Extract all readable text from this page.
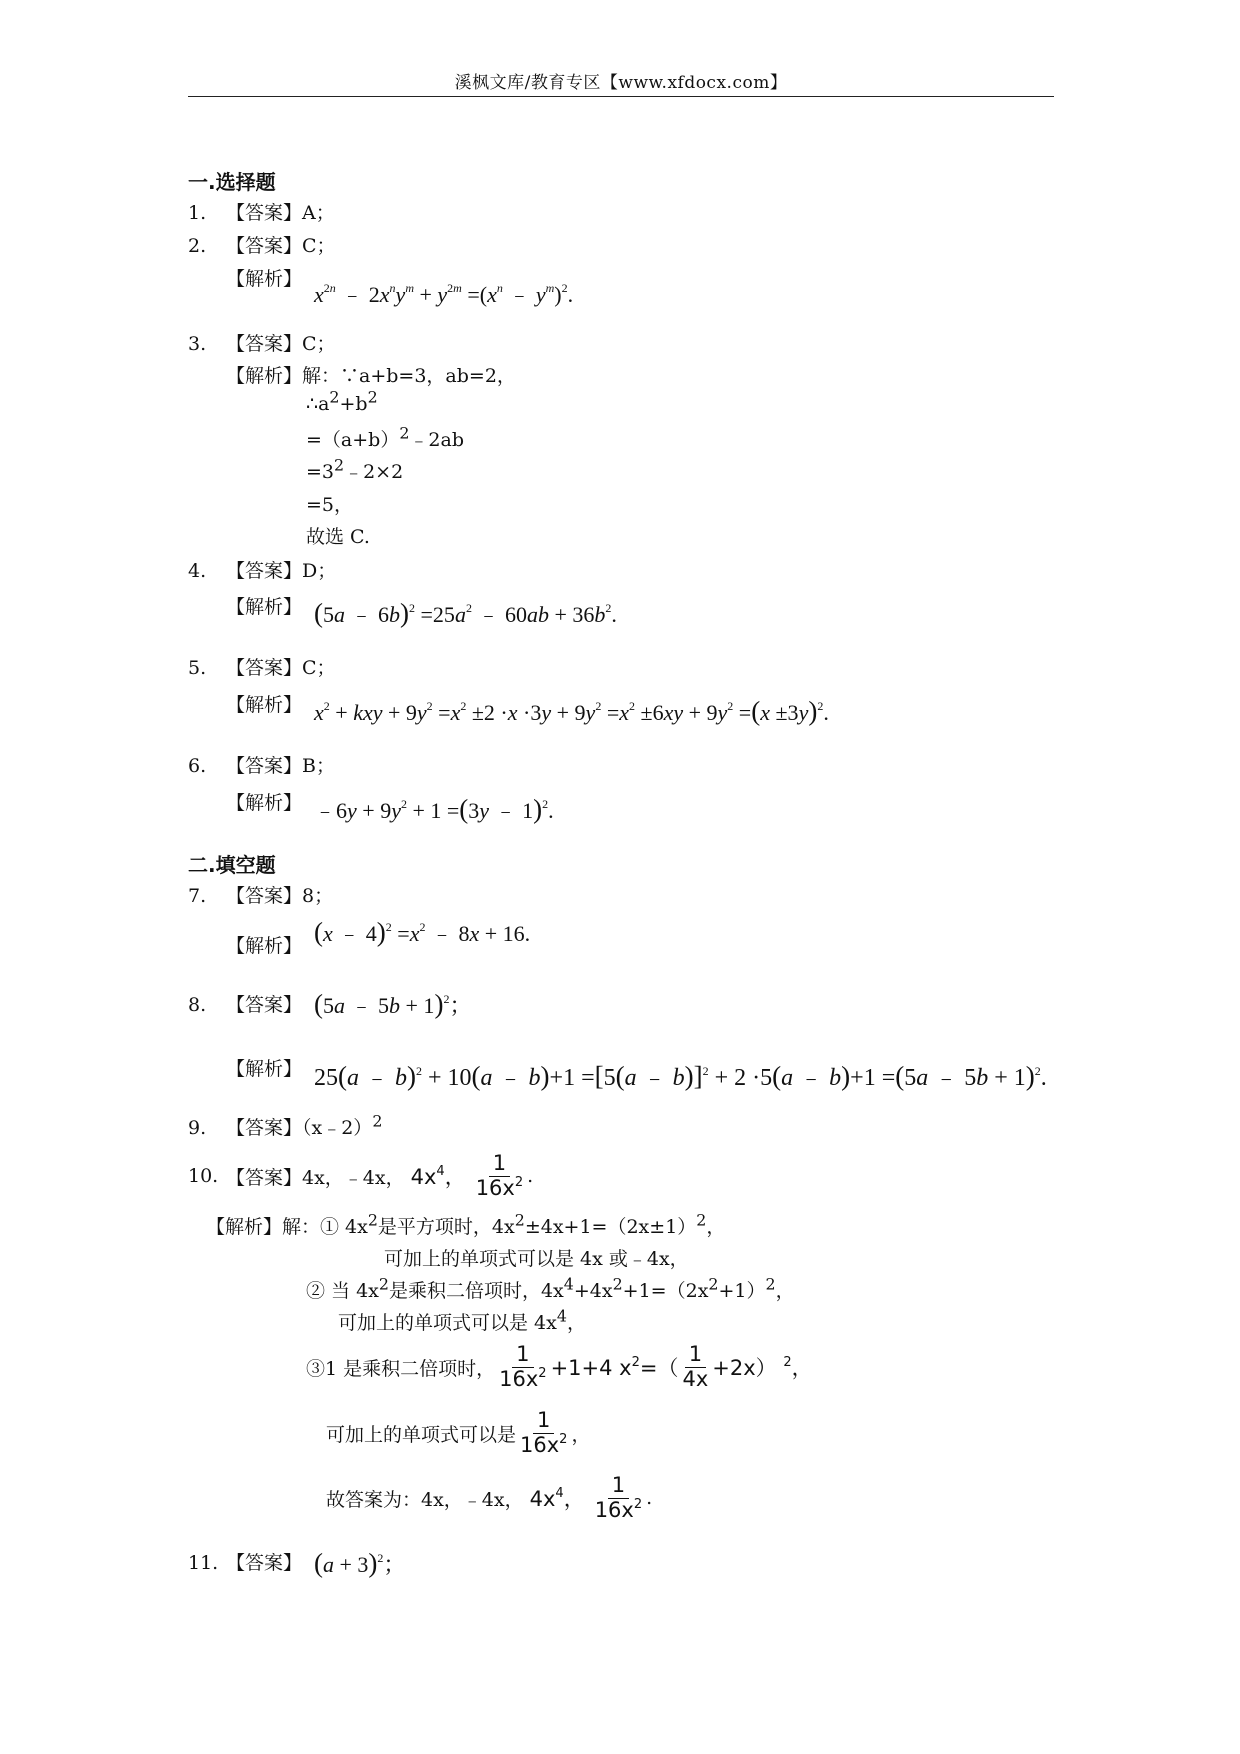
溪枫文库/教育专区【www.xfdocx.com】
一.选择题
1. 【答案】A；
2. 【答案】C；
【解析】
$x^{2n}$ ﹣ $2x^ny^m + y^{2m} =(x^n$ ﹣ $y^m)^2$.
3. 【答案】C；
【解析】解：∵a+b=3，ab=2，
$\therefore a^2+b^2$
$=(a+b)^2﹣2ab$
$=3^2﹣2\times 2$
=5，
故选 C.
4. 【答案】D；
【解析】 (5a ﹣ $6b)^2 =25a^2$ ﹣ $60ab + 36b^2$.
5. 【答案】C；
【解析】 $x^2$ + kxy + $9y^2 =x^2 \pm 2 \cdot x \cdot 3y + 9y^2 =x^2 \pm 6xy + 9y^2 =(x \pm 3y)^2$.
6. 【答案】B；
【解析】 ﹣6y + $9y^2 + 1 =(3y$ ﹣ 1)$^2$.
二.填空题
7. 【答案】8；
【解析】 (x ﹣ $4)^2 =x^2$ ﹣ 8x + 16.
8. 【答案】 (5a ﹣ 5b + 1)$^2$；
【解析】 25(a ﹣ b)$^2$ + 10(a ﹣ b)+1 =[5(a ﹣ b)]$^2$ + 2 ·5(a ﹣ b)+1 =(5a ﹣ 5b + 1)$^2$.
9. 【答案】（x﹣2）$^2$
10. 【答案】4x，﹣4x， $4x^4$， $\frac{1}{16x^2}$ .
【解析】解：① $4x^2$是平方项时，$4x^2\pm 4x+1=(2x\pm 1)^2$，
可加上的单项式可以是 4x 或﹣4x，
② 当 $4x^2$是乘积二倍项时，$4x^4+4x^2+1=(2x^2+1)^2$，
可加上的单项式可以是 $4x^4$，
③1 是乘积二倍项时， $\frac{1}{16x^2} +1+4$ $x^2=( \frac{1}{4x} +2x)$ $^2$，
可加上的单项式可以是 $\frac{1}{16x^2}$ ，
故答案为：4x，﹣4x， $4x^4$， $\frac{1}{16x^2}$ .
11. 【答案】 $(a + 3)^2$；
